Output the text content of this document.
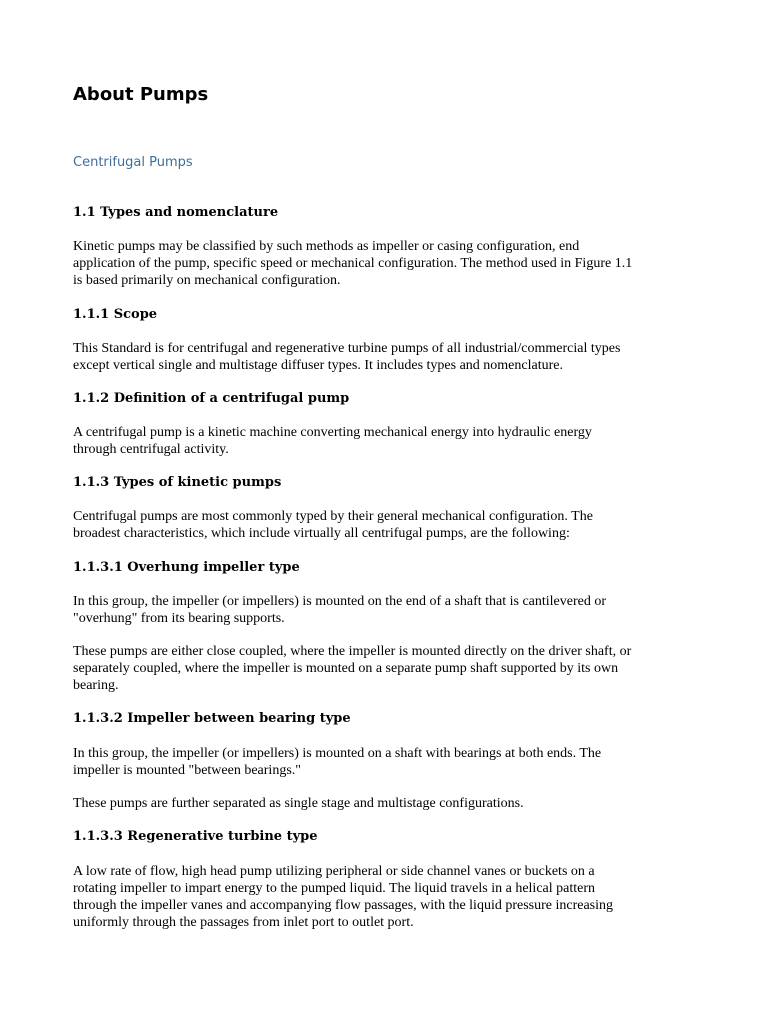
About Pumps
Centrifugal Pumps
1.1 Types and nomenclature

Kinetic pumps may be classified by such methods as impeller or casing configuration, end
application of the pump, specific speed or mechanical configuration. The method used in Figure 1.1
is based primarily on mechanical configuration.

1.1.1 Scope

This Standard is for centrifugal and regenerative turbine pumps of all industrial/commercial types
except vertical single and multistage diffuser types. It includes types and nomenclature.

1.1.2 Definition of a centrifugal pump

A centrifugal pump is a kinetic machine converting mechanical energy into hydraulic energy
through centrifugal activity.

1.1.3 Types of kinetic pumps

Centrifugal pumps are most commonly typed by their general mechanical configuration. The
broadest characteristics, which include virtually all centrifugal pumps, are the following:

1.1.3.1 Overhung impeller type

In this group, the impeller (or impellers) is mounted on the end of a shaft that is cantilevered or
"overhung" from its bearing supports.

These pumps are either close coupled, where the impeller is mounted directly on the driver shaft, or
separately coupled, where the impeller is mounted on a separate pump shaft supported by its own
bearing.

1.1.3.2 Impeller between bearing type

In this group, the impeller (or impellers) is mounted on a shaft with bearings at both ends. The
impeller is mounted "between bearings."

These pumps are further separated as single stage and multistage configurations.

1.1.3.3 Regenerative turbine type

A low rate of flow, high head pump utilizing peripheral or side channel vanes or buckets on a
rotating impeller to impart energy to the pumped liquid. The liquid travels in a helical pattern
through the impeller vanes and accompanying flow passages, with the liquid pressure increasing
uniformly through the passages from inlet port to outlet port.
